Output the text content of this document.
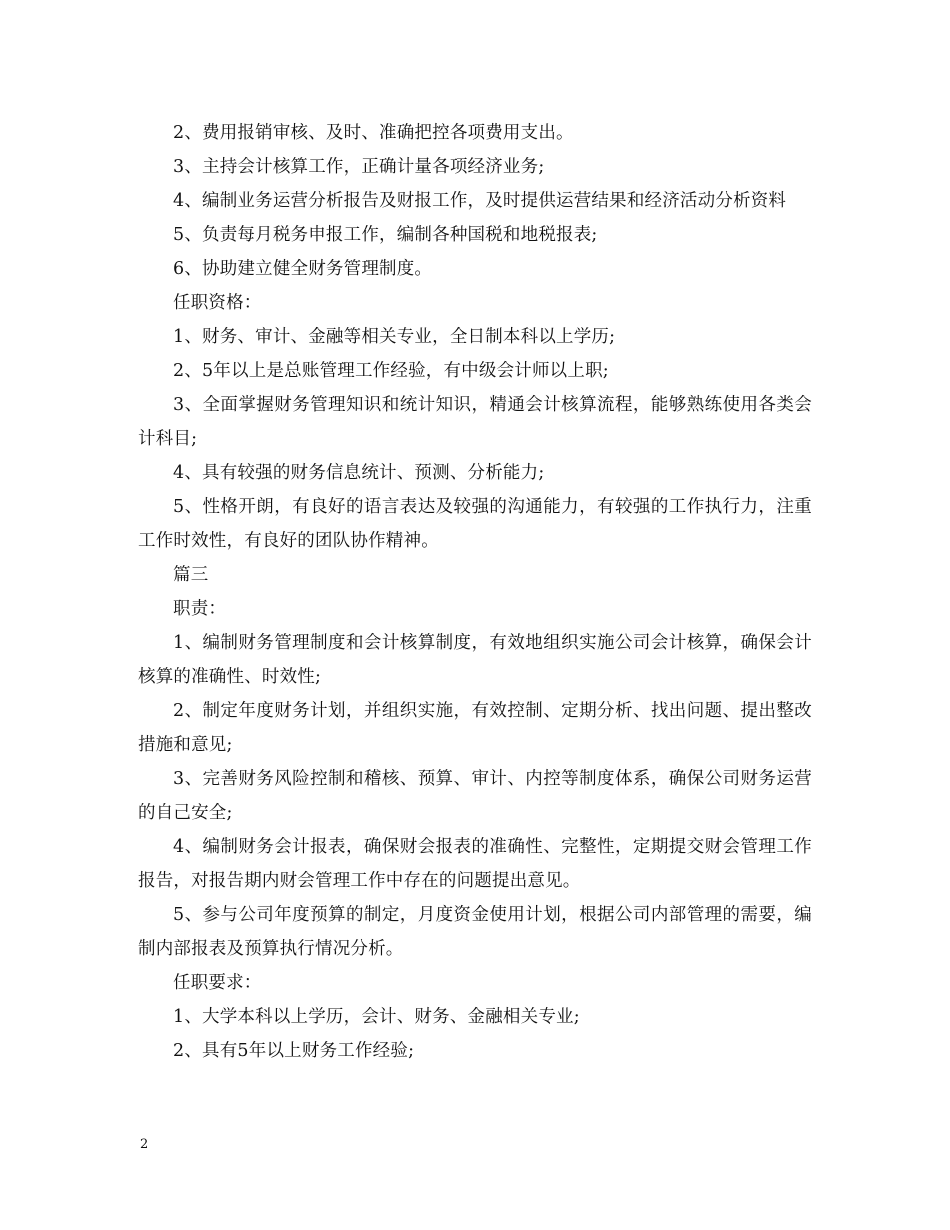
2、费用报销审核、及时、准确把控各项费用支出。

3、主持会计核算工作，正确计量各项经济业务;

4、编制业务运营分析报告及财报工作，及时提供运营结果和经济活动分析资料

5、负责每月税务申报工作，编制各种国税和地税报表;

6、协助建立健全财务管理制度。

任职资格：

1、财务、审计、金融等相关专业，全日制本科以上学历;

2、5年以上是总账管理工作经验，有中级会计师以上职;

3、全面掌握财务管理知识和统计知识，精通会计核算流程，能够熟练使用各类会计科目;

4、具有较强的财务信息统计、预测、分析能力;

5、性格开朗，有良好的语言表达及较强的沟通能力，有较强的工作执行力，注重工作时效性，有良好的团队协作精神。

篇三

职责：

1、编制财务管理制度和会计核算制度，有效地组织实施公司会计核算，确保会计核算的准确性、时效性;

2、制定年度财务计划，并组织实施，有效控制、定期分析、找出问题、提出整改措施和意见;

3、完善财务风险控制和稽核、预算、审计、内控等制度体系，确保公司财务运营的自己安全;

4、编制财务会计报表，确保财会报表的准确性、完整性，定期提交财会管理工作报告，对报告期内财会管理工作中存在的问题提出意见。

5、参与公司年度预算的制定，月度资金使用计划，根据公司内部管理的需要，编制内部报表及预算执行情况分析。

任职要求：

1、大学本科以上学历，会计、财务、金融相关专业;

2、具有5年以上财务工作经验;

2
